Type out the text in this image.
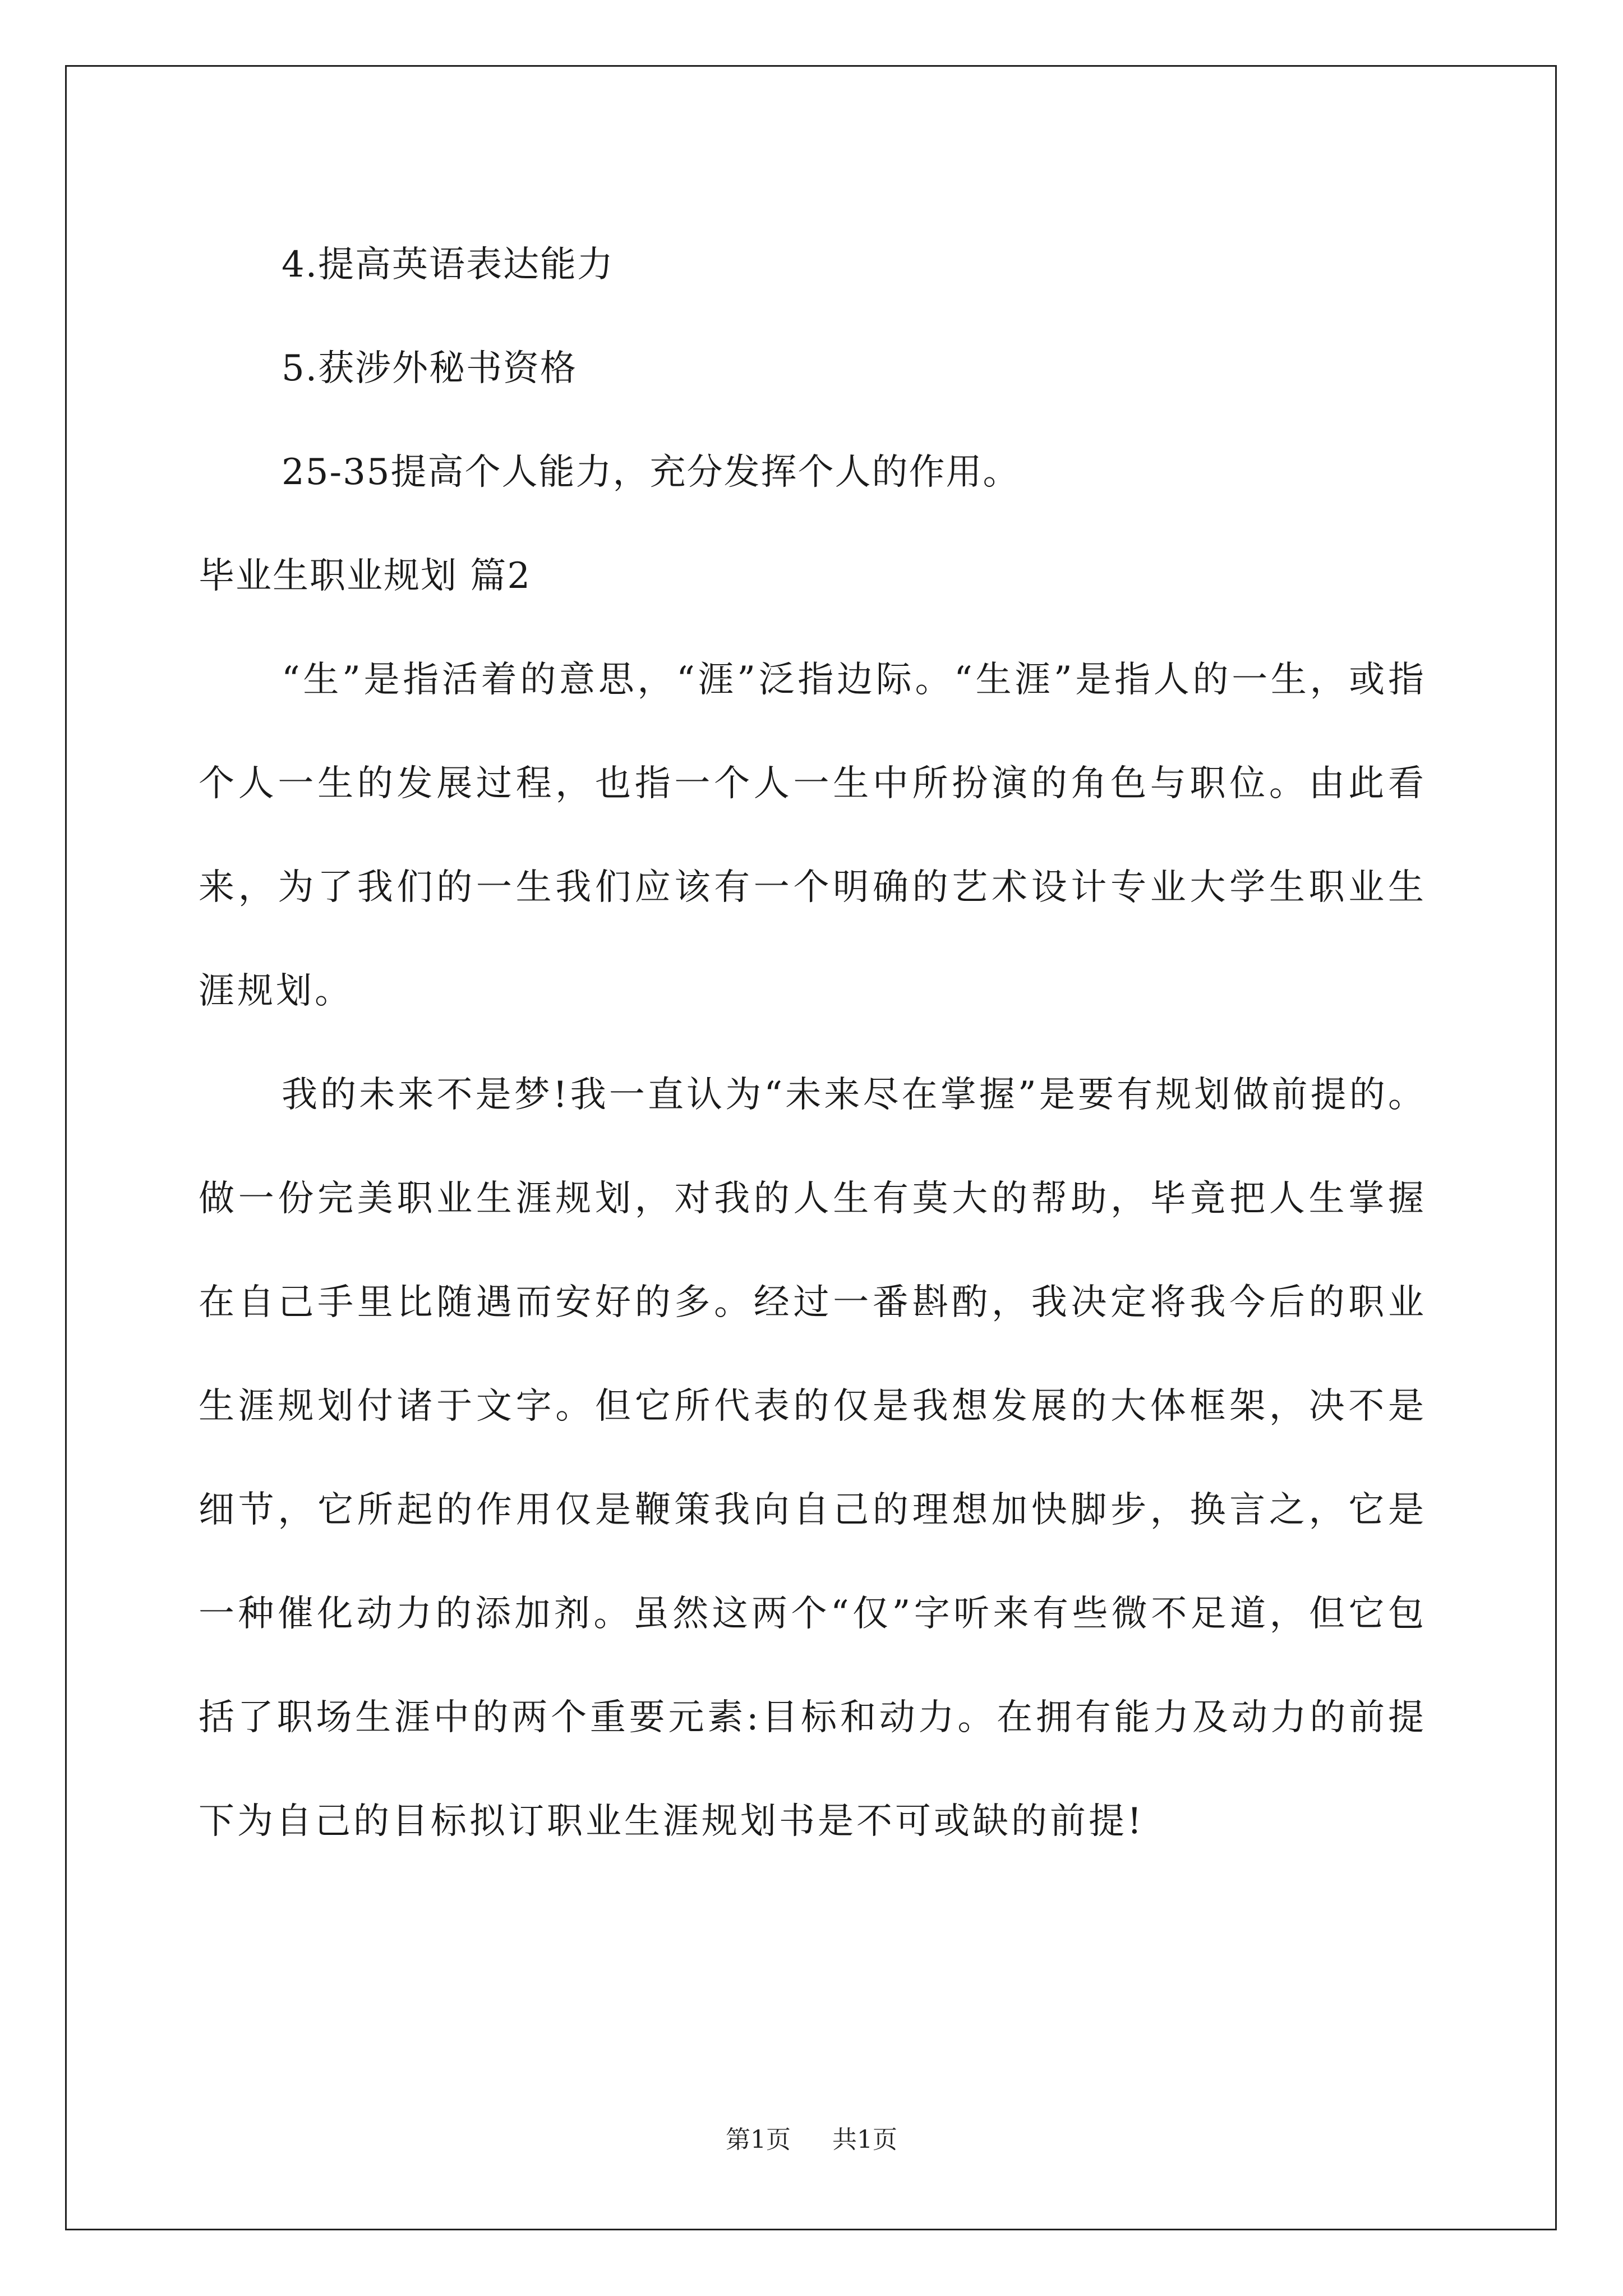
4.提高英语表达能力
5.获涉外秘书资格
25-35提高个人能力，充分发挥个人的作用。
毕业生职业规划 篇2

“生”是指活着的意思，“涯”泛指边际。“生涯”是指人的一生，或指个人一生的发展过程，也指一个人一生中所扮演的角色与职位。由此看来，为了我们的一生我们应该有一个明确的艺术设计专业大学生职业生涯规划。

我的未来不是梦!我一直认为“未来尽在掌握”是要有规划做前提的。做一份完美职业生涯规划，对我的人生有莫大的帮助，毕竟把人生掌握在自己手里比随遇而安好的多。经过一番斟酌，我决定将我今后的职业生涯规划付诸于文字。但它所代表的仅是我想发展的大体框架，决不是细节，它所起的作用仅是鞭策我向自己的理想加快脚步，换言之，它是一种催化动力的添加剂。虽然这两个“仅”字听来有些微不足道，但它包括了职场生涯中的两个重要元素:目标和动力。在拥有能力及动力的前提下为自己的目标拟订职业生涯规划书是不可或缺的前提!

第1页 共1页
